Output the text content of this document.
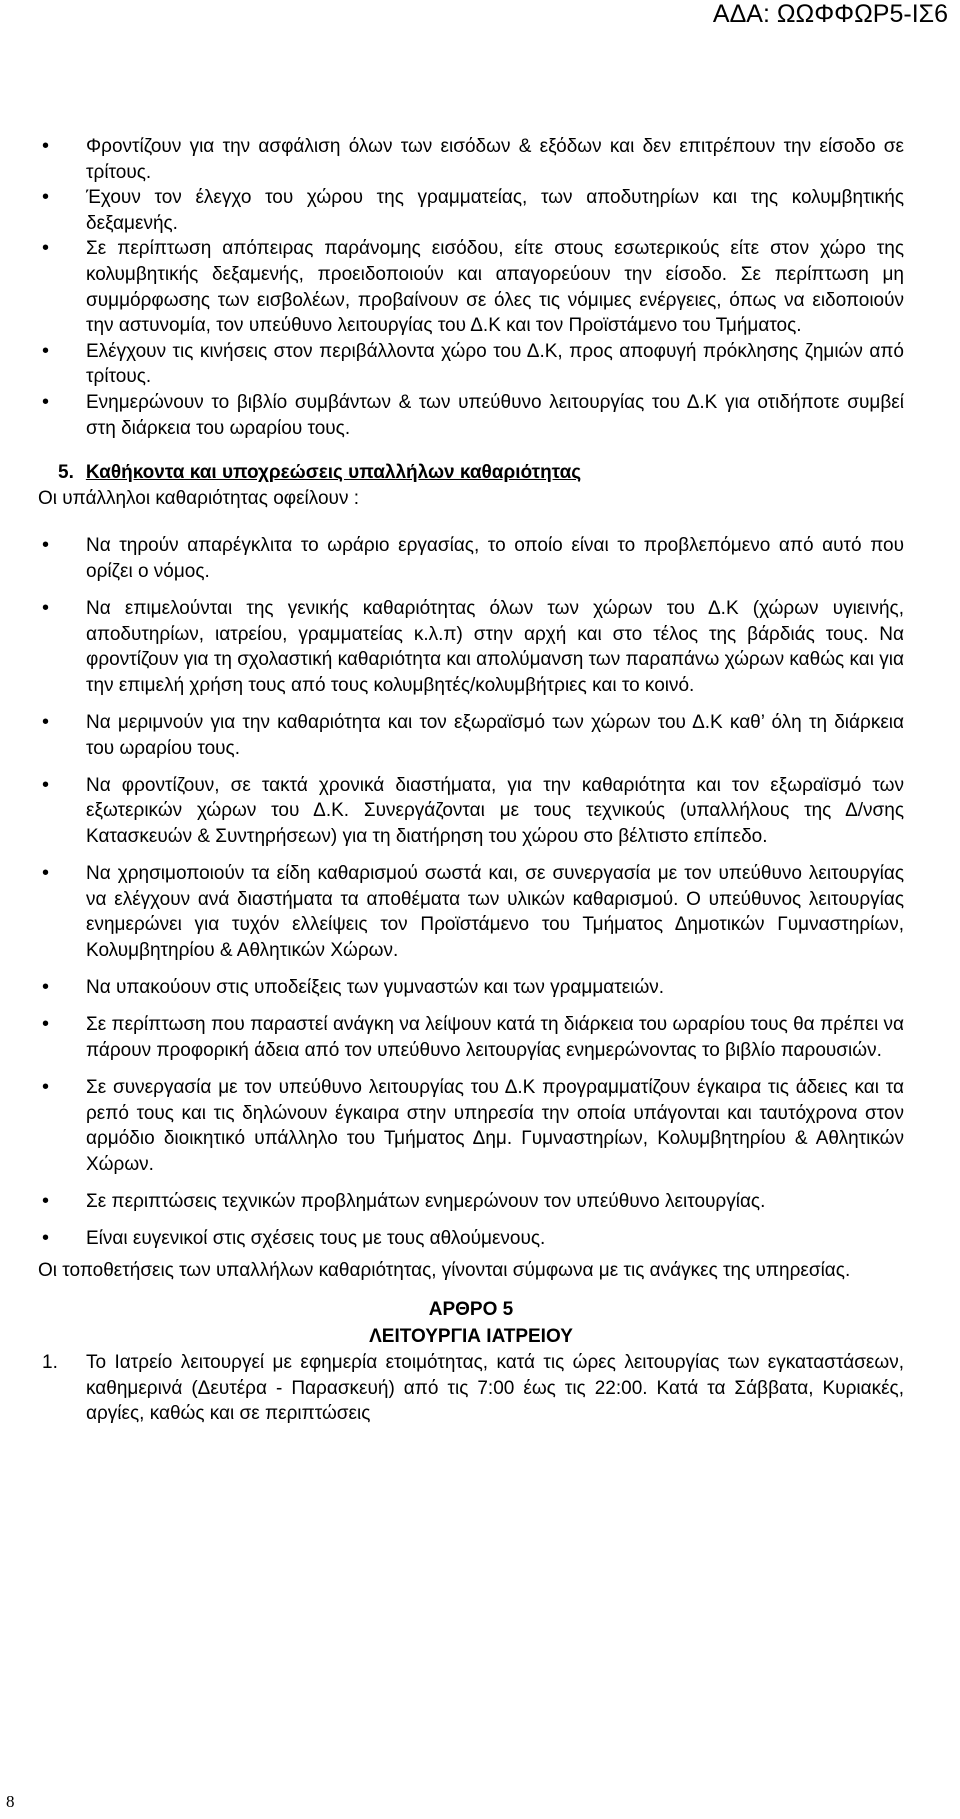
ΑΔΑ: ΩΩΦΦΩΡ5-ΙΣ6
• Φροντίζουν για την ασφάλιση όλων των εισόδων & εξόδων και δεν επιτρέπουν την είσοδο σε τρίτους.
• Έχουν τον έλεγχο του χώρου της γραμματείας, των αποδυτηρίων και της κολυμβητικής δεξαμενής.
• Σε περίπτωση απόπειρας παράνομης εισόδου, είτε στους εσωτερικούς είτε στον χώρο της κολυμβητικής δεξαμενής, προειδοποιούν και απαγορεύουν την είσοδο. Σε περίπτωση μη συμμόρφωσης των εισβολέων, προβαίνουν σε όλες τις νόμιμες ενέργειες, όπως να ειδοποιούν την αστυνομία, τον υπεύθυνο λειτουργίας του Δ.Κ και τον Προϊστάμενο του Τμήματος.
• Ελέγχουν τις κινήσεις στον περιβάλλοντα χώρο του Δ.Κ, προς αποφυγή πρόκλησης ζημιών από τρίτους.
• Ενημερώνουν το βιβλίο συμβάντων & των υπεύθυνο λειτουργίας του Δ.Κ για οτιδήποτε συμβεί στη διάρκεια του ωραρίου τους.
5. Καθήκοντα και υποχρεώσεις υπαλλήλων καθαριότητας
Οι υπάλληλοι καθαριότητας οφείλουν :
• Να τηρούν απαρέγκλιτα το ωράριο εργασίας, το οποίο είναι το προβλεπόμενο από αυτό που ορίζει ο νόμος.
• Να επιμελούνται της γενικής καθαριότητας όλων των χώρων του Δ.Κ (χώρων υγιεινής, αποδυτηρίων, ιατρείου, γραμματείας κ.λ.π) στην αρχή και στο τέλος της βάρδιάς τους. Να φροντίζουν για τη σχολαστική καθαριότητα και απολύμανση των παραπάνω χώρων καθώς και για την επιμελή χρήση τους από τους κολυμβητές/κολυμβήτριες και το κοινό.
• Να μεριμνούν για την καθαριότητα και τον εξωραϊσμό των χώρων του Δ.Κ καθ’ όλη τη διάρκεια του ωραρίου τους.
• Να φροντίζουν, σε τακτά χρονικά διαστήματα, για την καθαριότητα και τον εξωραϊσμό των εξωτερικών χώρων του Δ.Κ. Συνεργάζονται με τους τεχνικούς (υπαλλήλους της Δ/νσης Κατασκευών & Συντηρήσεων) για τη διατήρηση του χώρου στο βέλτιστο επίπεδο.
• Να χρησιμοποιούν τα είδη καθαρισμού σωστά και, σε συνεργασία με τον υπεύθυνο λειτουργίας να ελέγχουν ανά διαστήματα τα αποθέματα των υλικών καθαρισμού. Ο υπεύθυνος λειτουργίας ενημερώνει για τυχόν ελλείψεις τον Προϊστάμενο του Τμήματος Δημοτικών Γυμναστηρίων, Κολυμβητηρίου & Αθλητικών Χώρων.
• Να υπακούουν στις υποδείξεις των γυμναστών και των γραμματειών.
• Σε περίπτωση που παραστεί ανάγκη να λείψουν κατά τη διάρκεια του ωραρίου τους θα πρέπει να πάρουν προφορική άδεια από τον υπεύθυνο λειτουργίας ενημερώνοντας το βιβλίο παρουσιών.
• Σε συνεργασία με τον υπεύθυνο λειτουργίας του Δ.Κ προγραμματίζουν έγκαιρα τις άδειες και τα ρεπό τους και τις δηλώνουν έγκαιρα στην υπηρεσία την οποία υπάγονται και ταυτόχρονα στον αρμόδιο διοικητικό υπάλληλο του Τμήματος Δημ. Γυμναστηρίων, Κολυμβητηρίου & Αθλητικών Χώρων.
• Σε περιπτώσεις τεχνικών προβλημάτων ενημερώνουν τον υπεύθυνο λειτουργίας.
• Είναι ευγενικοί στις σχέσεις τους με τους αθλούμενους.
Οι τοποθετήσεις των υπαλλήλων καθαριότητας, γίνονται σύμφωνα με τις ανάγκες της υπηρεσίας.
ΑΡΘΡΟ 5
ΛΕΙΤΟΥΡΓΙΑ ΙΑΤΡΕΙΟΥ
1. Το Ιατρείο λειτουργεί με εφημερία ετοιμότητας, κατά τις ώρες λειτουργίας των εγκαταστάσεων, καθημερινά (Δευτέρα - Παρασκευή) από τις 7:00 έως τις 22:00. Κατά τα Σάββατα, Κυριακές, αργίες, καθώς και σε περιπτώσεις
8
